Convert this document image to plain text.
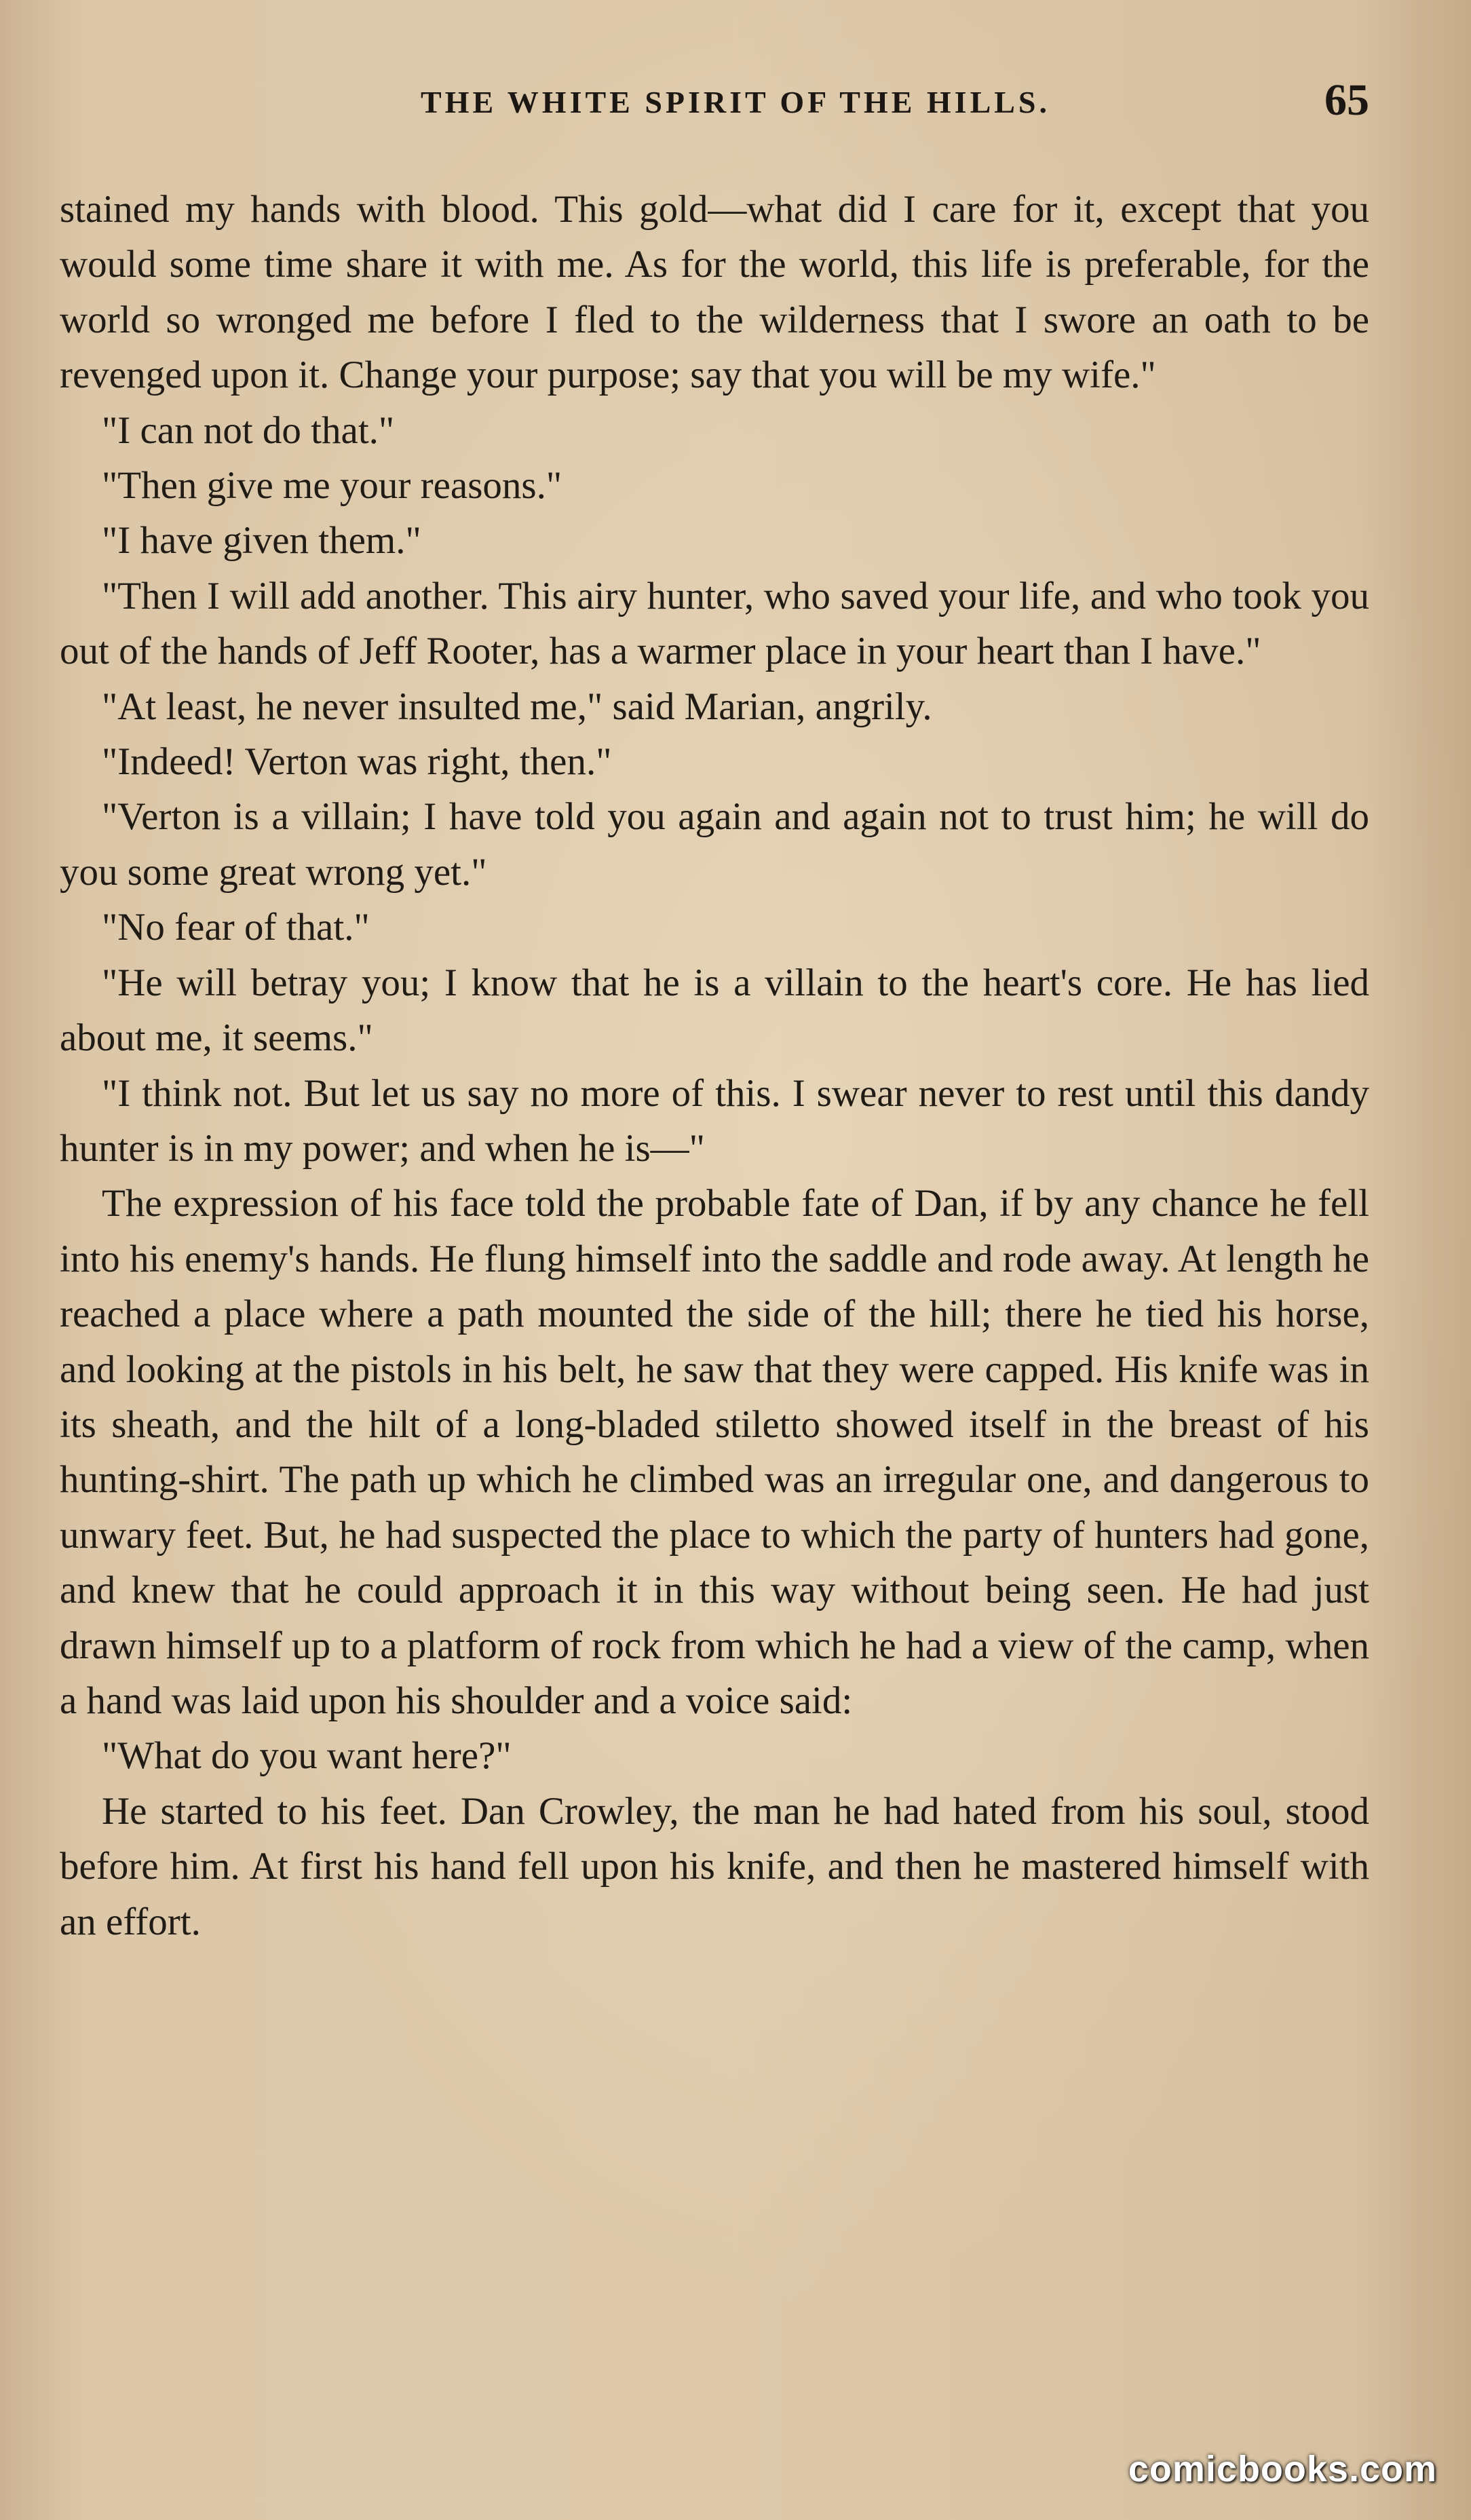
THE WHITE SPIRIT OF THE HILLS.	65

stained my hands with blood. This gold—what did I care for it, except that you would some time share it with me. As for the world, this life is preferable, for the world so wronged me before I fled to the wilderness that I swore an oath to be revenged upon it. Change your purpose; say that you will be my wife."

"I can not do that."

"Then give me your reasons."

"I have given them."

"Then I will add another. This airy hunter, who saved your life, and who took you out of the hands of Jeff Rooter, has a warmer place in your heart than I have."

"At least, he never insulted me," said Marian, angrily.

"Indeed! Verton was right, then."

"Verton is a villain; I have told you again and again not to trust him; he will do you some great wrong yet."

"No fear of that."

"He will betray you; I know that he is a villain to the heart's core. He has lied about me, it seems."

"I think not. But let us say no more of this. I swear never to rest until this dandy hunter is in my power; and when he is—"

The expression of his face told the probable fate of Dan, if by any chance he fell into his enemy's hands. He flung himself into the saddle and rode away. At length he reached a place where a path mounted the side of the hill; there he tied his horse, and looking at the pistols in his belt, he saw that they were capped. His knife was in its sheath, and the hilt of a long-bladed stiletto showed itself in the breast of his hunting-shirt. The path up which he climbed was an irregular one, and dangerous to unwary feet. But, he had suspected the place to which the party of hunters had gone, and knew that he could approach it in this way without being seen. He had just drawn himself up to a platform of rock from which he had a view of the camp, when a hand was laid upon his shoulder and a voice said:

"What do you want here?"

He started to his feet. Dan Crowley, the man he had hated from his soul, stood before him. At first his hand fell upon his knife, and then he mastered himself with an effort.

comicbooks.com
